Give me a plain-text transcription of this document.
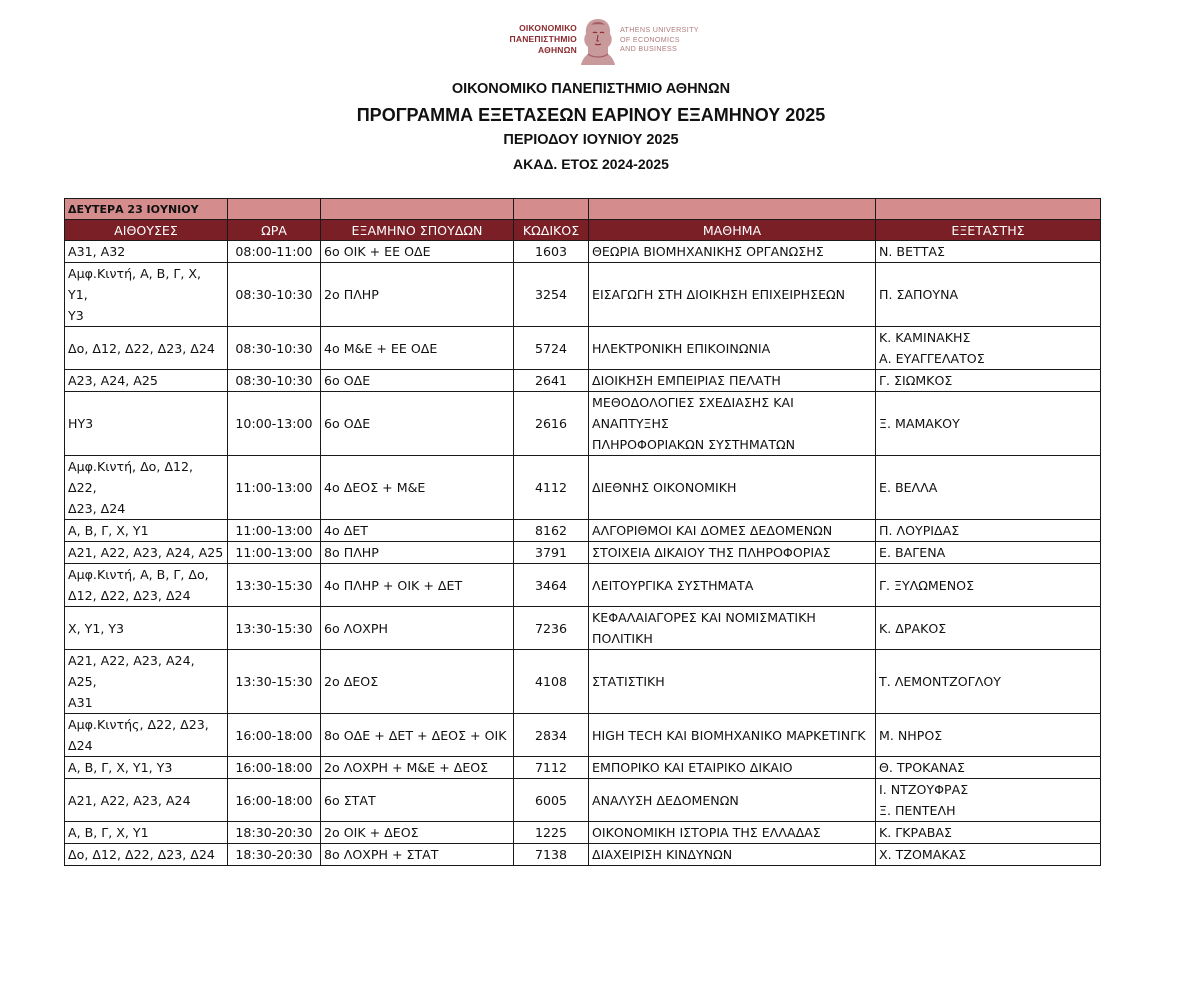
ΟΙΚΟΝΟΜΙΚΟ
ΠΑΝΕΠΙΣΤΗΜΙΟ
ΑΘΗΝΩΝ
ATHENS UNIVERSITY
OF ECONOMICS
AND BUSINESS
ΟΙΚΟΝΟΜΙΚΟ ΠΑΝΕΠΙΣΤΗΜΙΟ ΑΘΗΝΩΝ
ΠΡΟΓΡΑΜΜΑ ΕΞΕΤΑΣΕΩΝ ΕΑΡΙΝΟΥ ΕΞΑΜΗΝΟΥ 2025
ΠΕΡΙΟΔΟΥ ΙΟΥΝΙΟΥ 2025
ΑΚΑΔ. ΕΤΟΣ 2024-2025
ΔΕΥΤΕΡΑ 23 ΙΟΥΝΙΟΥ					
ΑΙΘΟΥΣΕΣ	ΩΡΑ	ΕΞΑΜΗΝΟ ΣΠΟΥΔΩΝ	ΚΩΔΙΚΟΣ	ΜΑΘΗΜΑ	ΕΞΕΤΑΣΤΗΣ

Α31, Α32	08:00-11:00	6ο ΟΙΚ + ΕΕ ΟΔΕ	1603	ΘΕΩΡΙΑ ΒΙΟΜΗΧΑΝΙΚΗΣ ΟΡΓΑΝΩΣΗΣ	Ν. ΒΕΤΤΑΣ

Αμφ.Κιντή, Α, Β, Γ, Χ, Υ1,
Υ3	08:30-10:30	2ο ΠΛΗΡ	3254	ΕΙΣΑΓΩΓΗ ΣΤΗ ΔΙΟΙΚΗΣΗ ΕΠΙΧΕΙΡΗΣΕΩΝ	Π. ΣΑΠΟΥΝΑ

Δο, Δ12, Δ22, Δ23, Δ24	08:30-10:30	4ο Μ&Ε + ΕΕ ΟΔΕ	5724	ΗΛΕΚΤΡΟΝΙΚΗ ΕΠΙΚΟΙΝΩΝΙΑ	Κ. ΚΑΜΙΝΑΚΗΣ
Α. ΕΥΑΓΓΕΛΑΤΟΣ

Α23, Α24, Α25	08:30-10:30	6ο ΟΔΕ	2641	ΔΙΟΙΚΗΣΗ ΕΜΠΕΙΡΙΑΣ ΠΕΛΑΤΗ	Γ. ΣΙΩΜΚΟΣ

ΗΥ3	10:00-13:00	6ο ΟΔΕ	2616	ΜΕΘΟΔΟΛΟΓΙΕΣ ΣΧΕΔΙΑΣΗΣ ΚΑΙ ΑΝΑΠΤΥΞΗΣ
ΠΛΗΡΟΦΟΡΙΑΚΩΝ ΣΥΣΤΗΜΑΤΩΝ	Ξ. ΜΑΜΑΚΟΥ

Αμφ.Κιντή, Δο, Δ12, Δ22,
Δ23, Δ24	11:00-13:00	4ο ΔΕΟΣ + Μ&Ε	4112	ΔΙΕΘΝΗΣ ΟΙΚΟΝΟΜΙΚΗ	Ε. ΒΕΛΛΑ

Α, Β, Γ, Χ, Υ1	11:00-13:00	4ο ΔΕΤ	8162	ΑΛΓΟΡΙΘΜΟΙ ΚΑΙ ΔΟΜΕΣ ΔΕΔΟΜΕΝΩΝ	Π. ΛΟΥΡΙΔΑΣ

Α21, Α22, Α23, Α24, Α25	11:00-13:00	8ο ΠΛΗΡ	3791	ΣΤΟΙΧΕΙΑ ΔΙΚΑΙΟΥ ΤΗΣ ΠΛΗΡΟΦΟΡΙΑΣ	Ε. ΒΑΓΕΝΑ

Αμφ.Κιντή, Α, Β, Γ, Δο,
Δ12, Δ22, Δ23, Δ24	13:30-15:30	4ο ΠΛΗΡ + ΟΙΚ + ΔΕΤ	3464	ΛΕΙΤΟΥΡΓΙΚΑ ΣΥΣΤΗΜΑΤΑ	Γ. ΞΥΛΩΜΕΝΟΣ

Χ, Υ1, Υ3	13:30-15:30	6ο ΛΟΧΡΗ	7236	ΚΕΦΑΛΑΙΑΓΟΡΕΣ ΚΑΙ ΝΟΜΙΣΜΑΤΙΚΗ
ΠΟΛΙΤΙΚΗ	Κ. ΔΡΑΚΟΣ

Α21, Α22, Α23, Α24, Α25,
Α31	13:30-15:30	2ο ΔΕΟΣ	4108	ΣΤΑΤΙΣΤΙΚΗ	Τ. ΛΕΜΟΝΤΖΟΓΛΟΥ

Αμφ.Κιντής, Δ22, Δ23,
Δ24	16:00-18:00	8ο ΟΔΕ + ΔΕΤ + ΔΕΟΣ + ΟΙΚ	2834	HIGH TECH ΚΑΙ ΒΙΟΜΗΧΑΝΙΚΟ ΜΑΡΚΕΤΙΝΓΚ	Μ. ΝΗΡΟΣ

Α, Β, Γ, Χ, Υ1, Υ3	16:00-18:00	2ο ΛΟΧΡΗ + Μ&Ε + ΔΕΟΣ	7112	ΕΜΠΟΡΙΚΟ ΚΑΙ ΕΤΑΙΡΙΚΟ ΔΙΚΑΙΟ	Θ. ΤΡΟΚΑΝΑΣ

Α21, Α22, Α23, Α24	16:00-18:00	6ο ΣΤΑΤ	6005	ΑΝΑΛΥΣΗ ΔΕΔΟΜΕΝΩΝ	Ι. ΝΤΖΟΥΦΡΑΣ
Ξ. ΠΕΝΤΕΛΗ

Α, Β, Γ, Χ, Υ1	18:30-20:30	2ο ΟΙΚ + ΔΕΟΣ	1225	ΟΙΚΟΝΟΜΙΚΗ ΙΣΤΟΡΙΑ ΤΗΣ ΕΛΛΑΔΑΣ	Κ. ΓΚΡΑΒΑΣ

Δο, Δ12, Δ22, Δ23, Δ24	18:30-20:30	8ο ΛΟΧΡΗ + ΣΤΑΤ	7138	ΔΙΑΧΕΙΡΙΣΗ ΚΙΝΔΥΝΩΝ	Χ. ΤΖΟΜΑΚΑΣ
